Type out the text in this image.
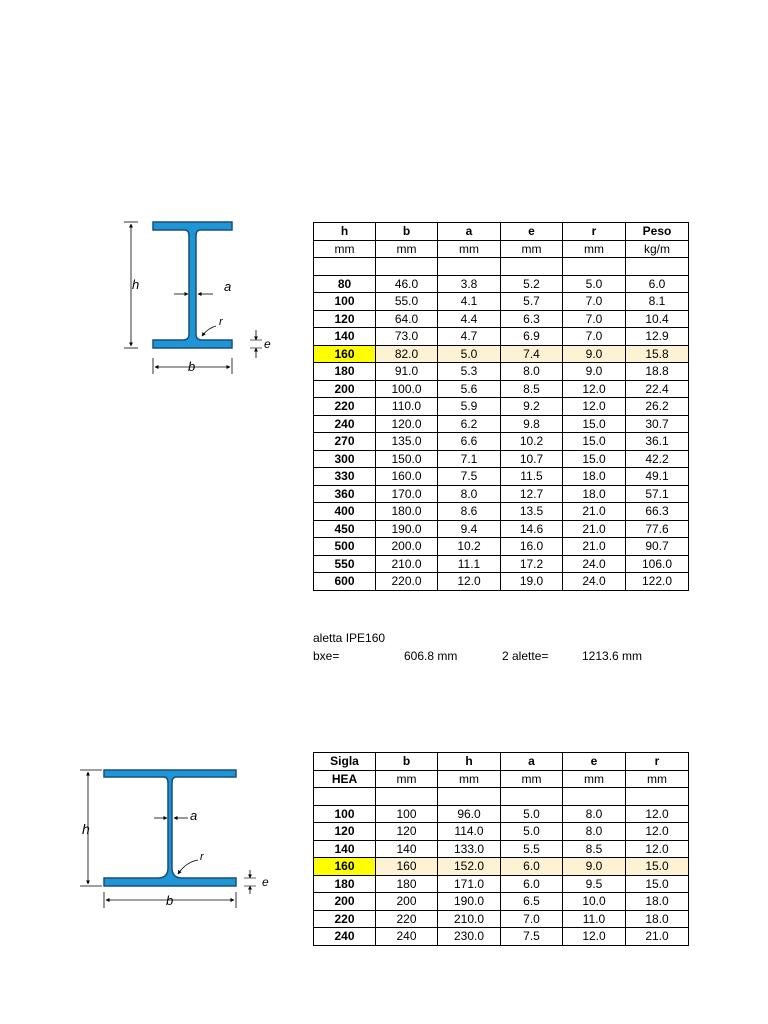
h	a
r
e
b
h	b	a	e	r	Peso
mm	mm	mm	mm	mm	kg/m

80	46.0	3.8	5.2	5.0	6.0
100	55.0	4.1	5.7	7.0	8.1
120	64.0	4.4	6.3	7.0	10.4
140	73.0	4.7	6.9	7.0	12.9
160	82.0	5.0	7.4	9.0	15.8
180	91.0	5.3	8.0	9.0	18.8
200	100.0	5.6	8.5	12.0	22.4
220	110.0	5.9	9.2	12.0	26.2
240	120.0	6.2	9.8	15.0	30.7
270	135.0	6.6	10.2	15.0	36.1
300	150.0	7.1	10.7	15.0	42.2
330	160.0	7.5	11.5	18.0	49.1
360	170.0	8.0	12.7	18.0	57.1
400	180.0	8.6	13.5	21.0	66.3
450	190.0	9.4	14.6	21.0	77.6
500	200.0	10.2	16.0	21.0	90.7
550	210.0	11.1	17.2	24.0	106.0
600	220.0	12.0	19.0	24.0	122.0
aletta IPE160
bxe=	606.8 mm	2 alette=	1213.6 mm
h
a
r
e
b
Sigla	b	h	a	e	r
HEA	mm	mm	mm	mm	mm

100	100	96.0	5.0	8.0	12.0
120	120	114.0	5.0	8.0	12.0
140	140	133.0	5.5	8.5	12.0
160	160	152.0	6.0	9.0	15.0
180	180	171.0	6.0	9.5	15.0
200	200	190.0	6.5	10.0	18.0
220	220	210.0	7.0	11.0	18.0
240	240	230.0	7.5	12.0	21.0
